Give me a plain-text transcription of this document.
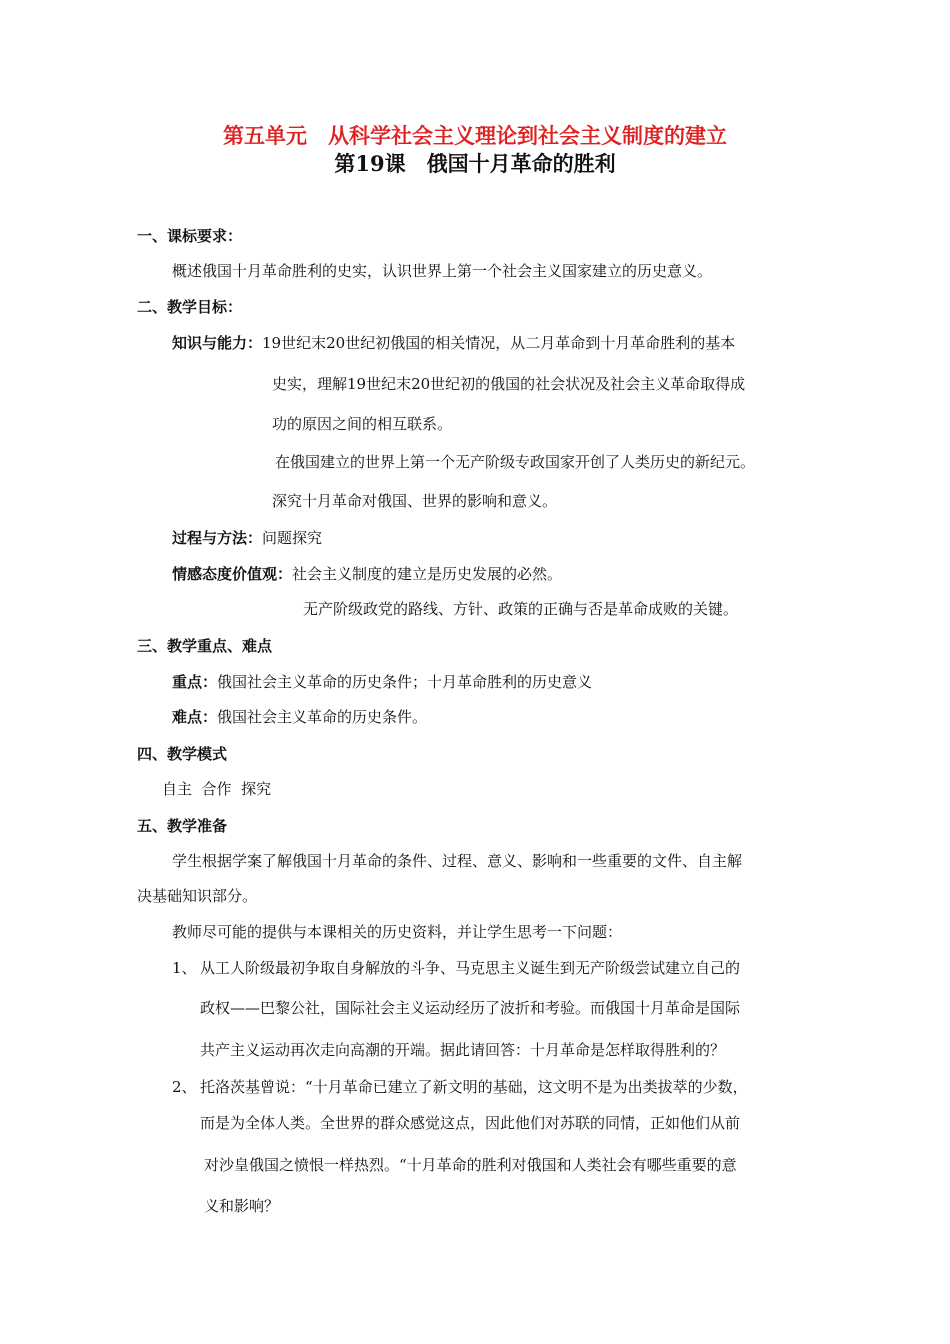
第五单元　从科学社会主义理论到社会主义制度的建立
第19课　俄国十月革命的胜利
一、课标要求：
概述俄国十月革命胜利的史实，认识世界上第一个社会主义国家建立的历史意义。
二、教学目标：
知识与能力：19世纪末20世纪初俄国的相关情况，从二月革命到十月革命胜利的基本
史实，理解19世纪末20世纪初的俄国的社会状况及社会主义革命取得成
功的原因之间的相互联系。
在俄国建立的世界上第一个无产阶级专政国家开创了人类历史的新纪元。
深究十月革命对俄国、世界的影响和意义。
过程与方法：问题探究
情感态度价值观：社会主义制度的建立是历史发展的必然。
无产阶级政党的路线、方针、政策的正确与否是革命成败的关键。
三、教学重点、难点
重点：俄国社会主义革命的历史条件；十月革命胜利的历史意义
难点：俄国社会主义革命的历史条件。
四、教学模式
自主  合作  探究
五、教学准备
学生根据学案了解俄国十月革命的条件、过程、意义、影响和一些重要的文件、自主解
决基础知识部分。
教师尽可能的提供与本课相关的历史资料，并让学生思考一下问题：
1、 从工人阶级最初争取自身解放的斗争、马克思主义诞生到无产阶级尝试建立自己的
政权——巴黎公社，国际社会主义运动经历了波折和考验。而俄国十月革命是国际
共产主义运动再次走向高潮的开端。据此请回答：十月革命是怎样取得胜利的？
2、 托洛茨基曾说：“十月革命已建立了新文明的基础，这文明不是为出类拔萃的少数，
而是为全体人类。全世界的群众感觉这点，因此他们对苏联的同情，正如他们从前
对沙皇俄国之愤恨一样热烈。“十月革命的胜利对俄国和人类社会有哪些重要的意
义和影响？
